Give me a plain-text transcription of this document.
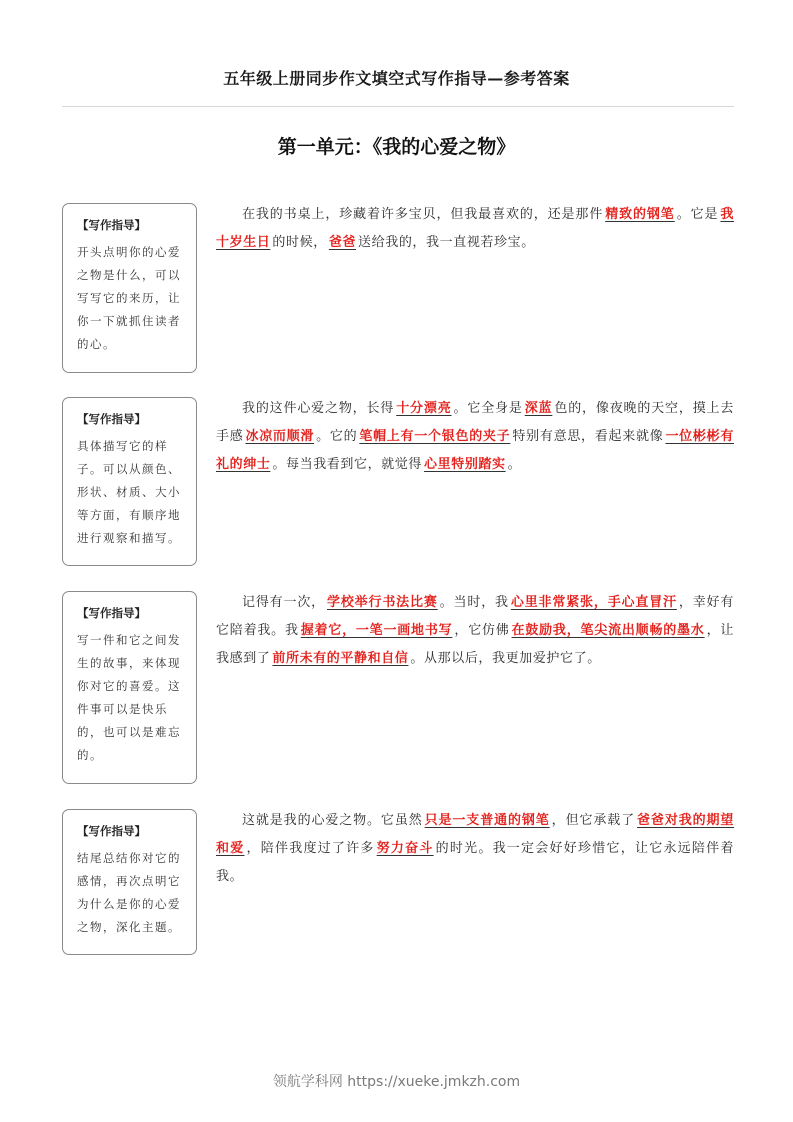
五年级上册同步作文填空式写作指导—参考答案
第一单元：《我的心爱之物》
【写作指导】
开头点明你的心爱之物是什么，可以写写它的来历，让你一下就抓住读者的心。
在我的书桌上，珍藏着许多宝贝，但我最喜欢的，还是那件 精致的钢笔 。它是 我十岁生日 的时候， 爸爸 送给我的，我一直视若珍宝。
【写作指导】
具体描写它的样子。可以从颜色、形状、材质、大小等方面，有顺序地进行观察和描写。
我的这件心爱之物，长得 十分漂亮 。它全身是 深蓝 色的，像夜晚的天空，摸上去手感 冰凉而顺滑 。它的 笔帽上有一个银色的夹子 特别有意思，看起来就像 一位彬彬有礼的绅士 。每当我看到它，就觉得 心里特别踏实 。
【写作指导】
写一件和它之间发生的故事，来体现你对它的喜爱。这件事可以是快乐的，也可以是难忘的。
记得有一次， 学校举行书法比赛 。当时，我 心里非常紧张，手心直冒汗 ，幸好有它陪着我。我 握着它，一笔一画地书写 ，它仿佛 在鼓励我，笔尖流出顺畅的墨水 ，让我感到了 前所未有的平静和自信 。从那以后，我更加爱护它了。
【写作指导】
结尾总结你对它的感情，再次点明它为什么是你的心爱之物，深化主题。
这就是我的心爱之物。它虽然 只是一支普通的钢笔 ，但它承载了 爸爸对我的期望和爱 ，陪伴我度过了许多 努力奋斗 的时光。我一定会好好珍惜它，让它永远陪伴着我。
领航学科网 https://xueke.jmkzh.com
